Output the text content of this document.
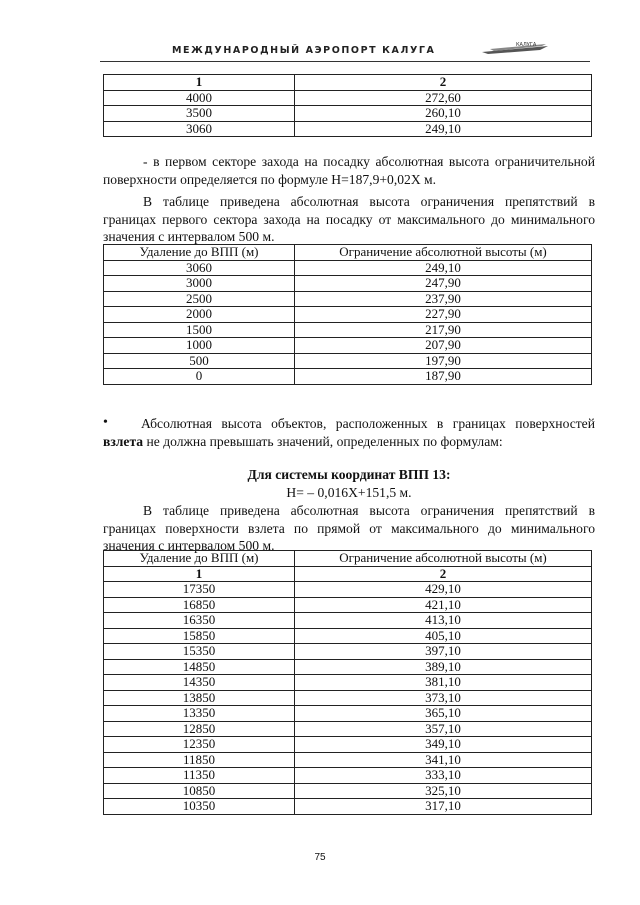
МЕЖДУНАРОДНЫЙ АЭРОПОРТ КАЛУГА	КАЛУГА
1	2
4000	272,60
3500	260,10
3060	249,10

- в первом секторе захода на посадку абсолютная высота ограничительной поверхности определяется по формуле H=187,9+0,02X м.

В таблице приведена абсолютная высота ограничения препятствий в границах первого сектора захода на посадку от максимального до минимального значения с интервалом 500 м.

Удаление до ВПП (м)	Ограничение абсолютной высоты (м)
3060	249,10
3000	247,90
2500	237,90
2000	227,90
1500	217,90
1000	207,90
500	197,90
0	187,90
•	Абсолютная высота объектов, расположенных в границах поверхностей взлета не должна превышать значений, определенных по формулам:

Для системы координат ВПП 13:

H= – 0,016X+151,5 м.

В таблице приведена абсолютная высота ограничения препятствий в границах поверхности взлета по прямой от максимального до минимального значения с интервалом 500 м.

Удаление до ВПП (м)	Ограничение абсолютной высоты (м)
1	2
17350	429,10
16850	421,10
16350	413,10
15850	405,10
15350	397,10
14850	389,10
14350	381,10
13850	373,10
13350	365,10
12850	357,10
12350	349,10
11850	341,10
11350	333,10
10850	325,10
10350	317,10
75
